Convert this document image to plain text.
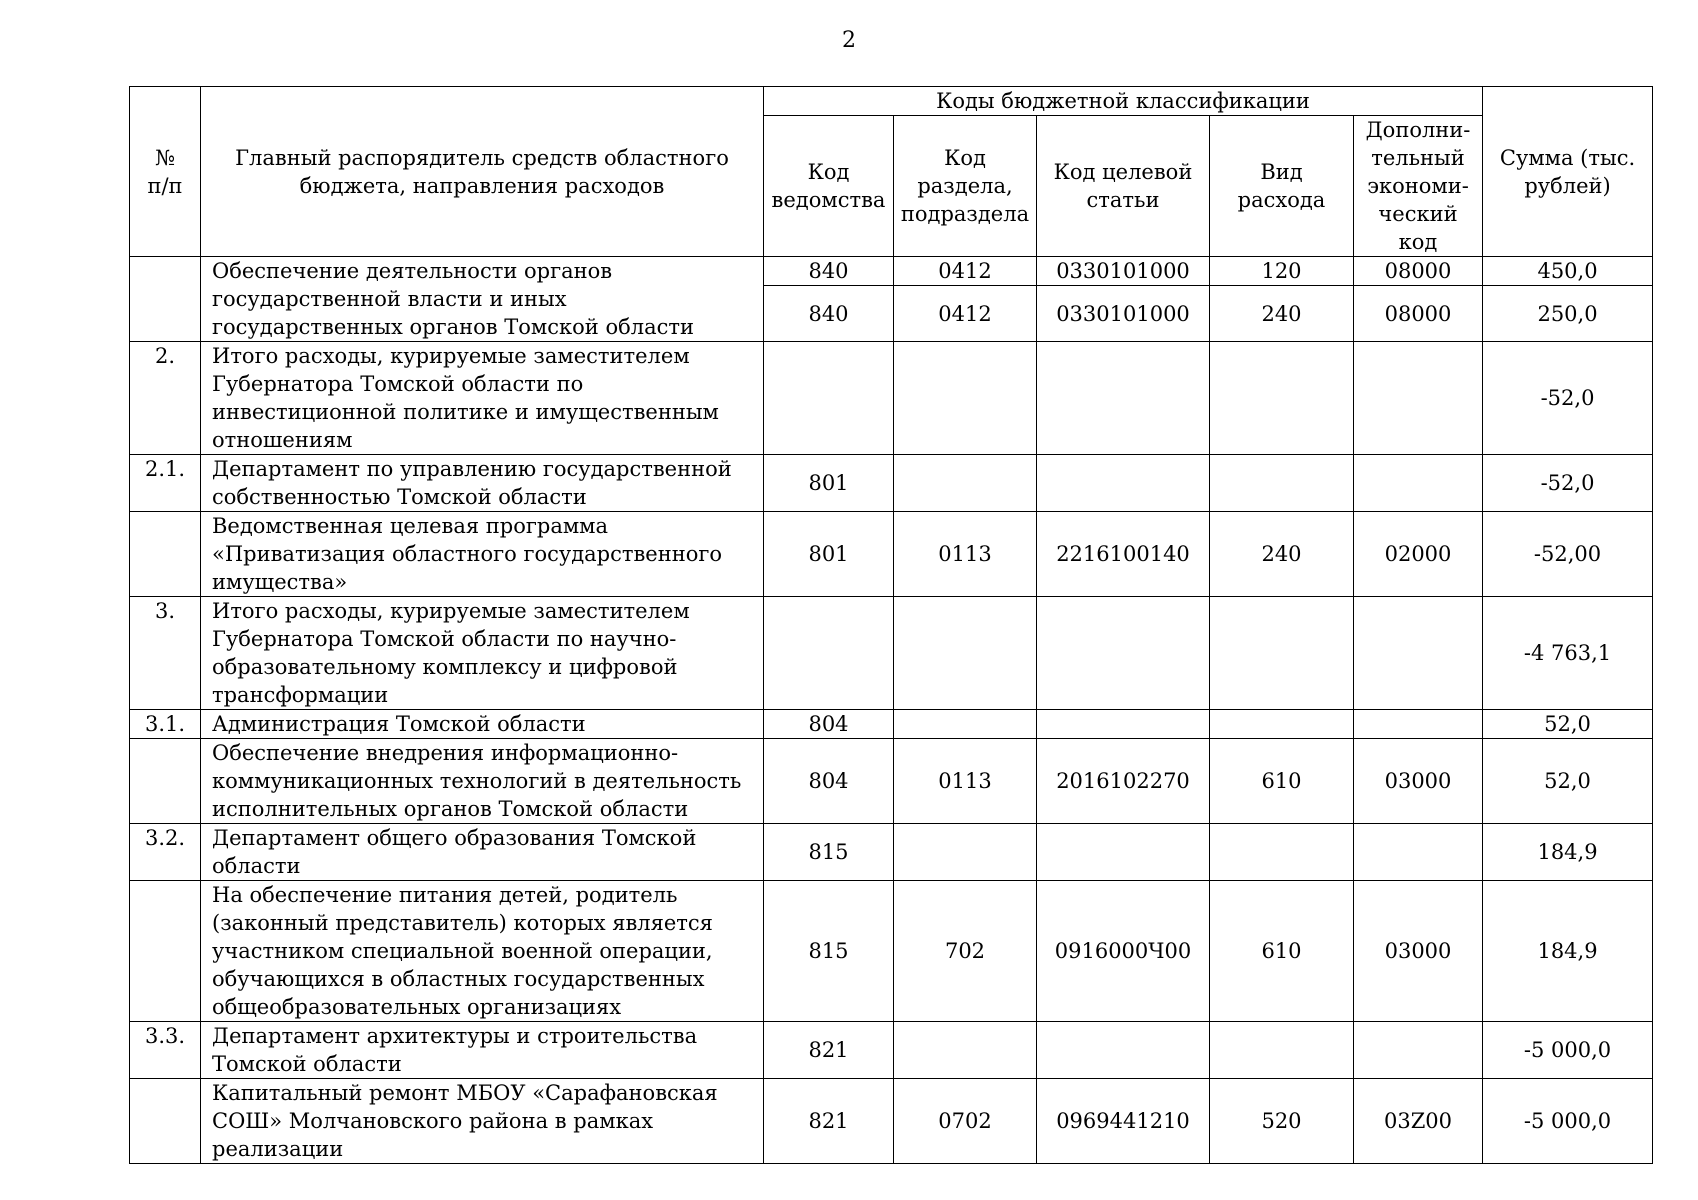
2
№
п/п	Главный распорядитель средств областного бюджета, направления расходов	Коды бюджетной классификации					Сумма (тыс. рублей)
		Код ведомства	Код раздела, подраздела	Код целевой статьи	Вид расхода	Дополни-тельный экономи-ческий код	
	Обеспечение деятельности органов государственной власти и иных государственных органов Томской области	840	0412	0330101000	120	08000	450,0
		840	0412	0330101000	240	08000	250,0
2.	Итого расходы, курируемые заместителем Губернатора Томской области по инвестиционной политике и имущественным отношениям						-52,0
2.1.	Департамент по управлению государственной собственностью Томской области	801					-52,0
	Ведомственная целевая программа «Приватизация областного государственного имущества»	801	0113	2216100140	240	02000	-52,00
3.	Итого расходы, курируемые заместителем Губернатора Томской области по научно-образовательному комплексу и цифровой трансформации						-4 763,1
3.1.	Администрация Томской области	804					52,0
	Обеспечение внедрения информационно-коммуникационных технологий в деятельность исполнительных органов Томской области	804	0113	2016102270	610	03000	52,0
3.2.	Департамент общего образования Томской области	815					184,9
	На обеспечение питания детей, родитель (законный представитель) которых является участником специальной военной операции, обучающихся в областных государственных общеобразовательных организациях	815	702	0916000Ч00	610	03000	184,9
3.3.	Департамент архитектуры и строительства Томской области	821					-5 000,0
	Капитальный ремонт МБОУ «Сарафановская СОШ» Молчановского района в рамках реализации	821	0702	0969441210	520	03Z00	-5 000,0
